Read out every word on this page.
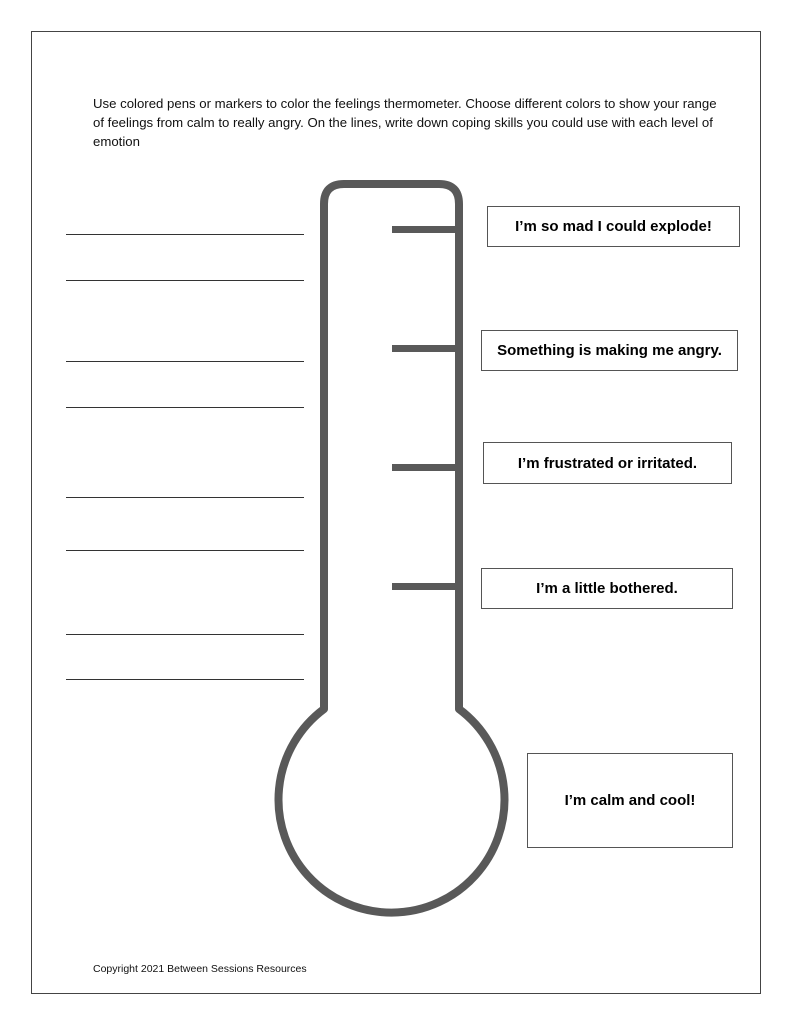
Use colored pens or markers to color the feelings thermometer. Choose different colors to show your range of feelings from calm to really angry. On the lines, write down coping skills you could use with each level of emotion
I’m so mad I could explode!
Something is making me angry.
I’m frustrated or irritated.
I’m a little bothered.
I’m calm and cool!
Copyright 2021 Between Sessions Resources
